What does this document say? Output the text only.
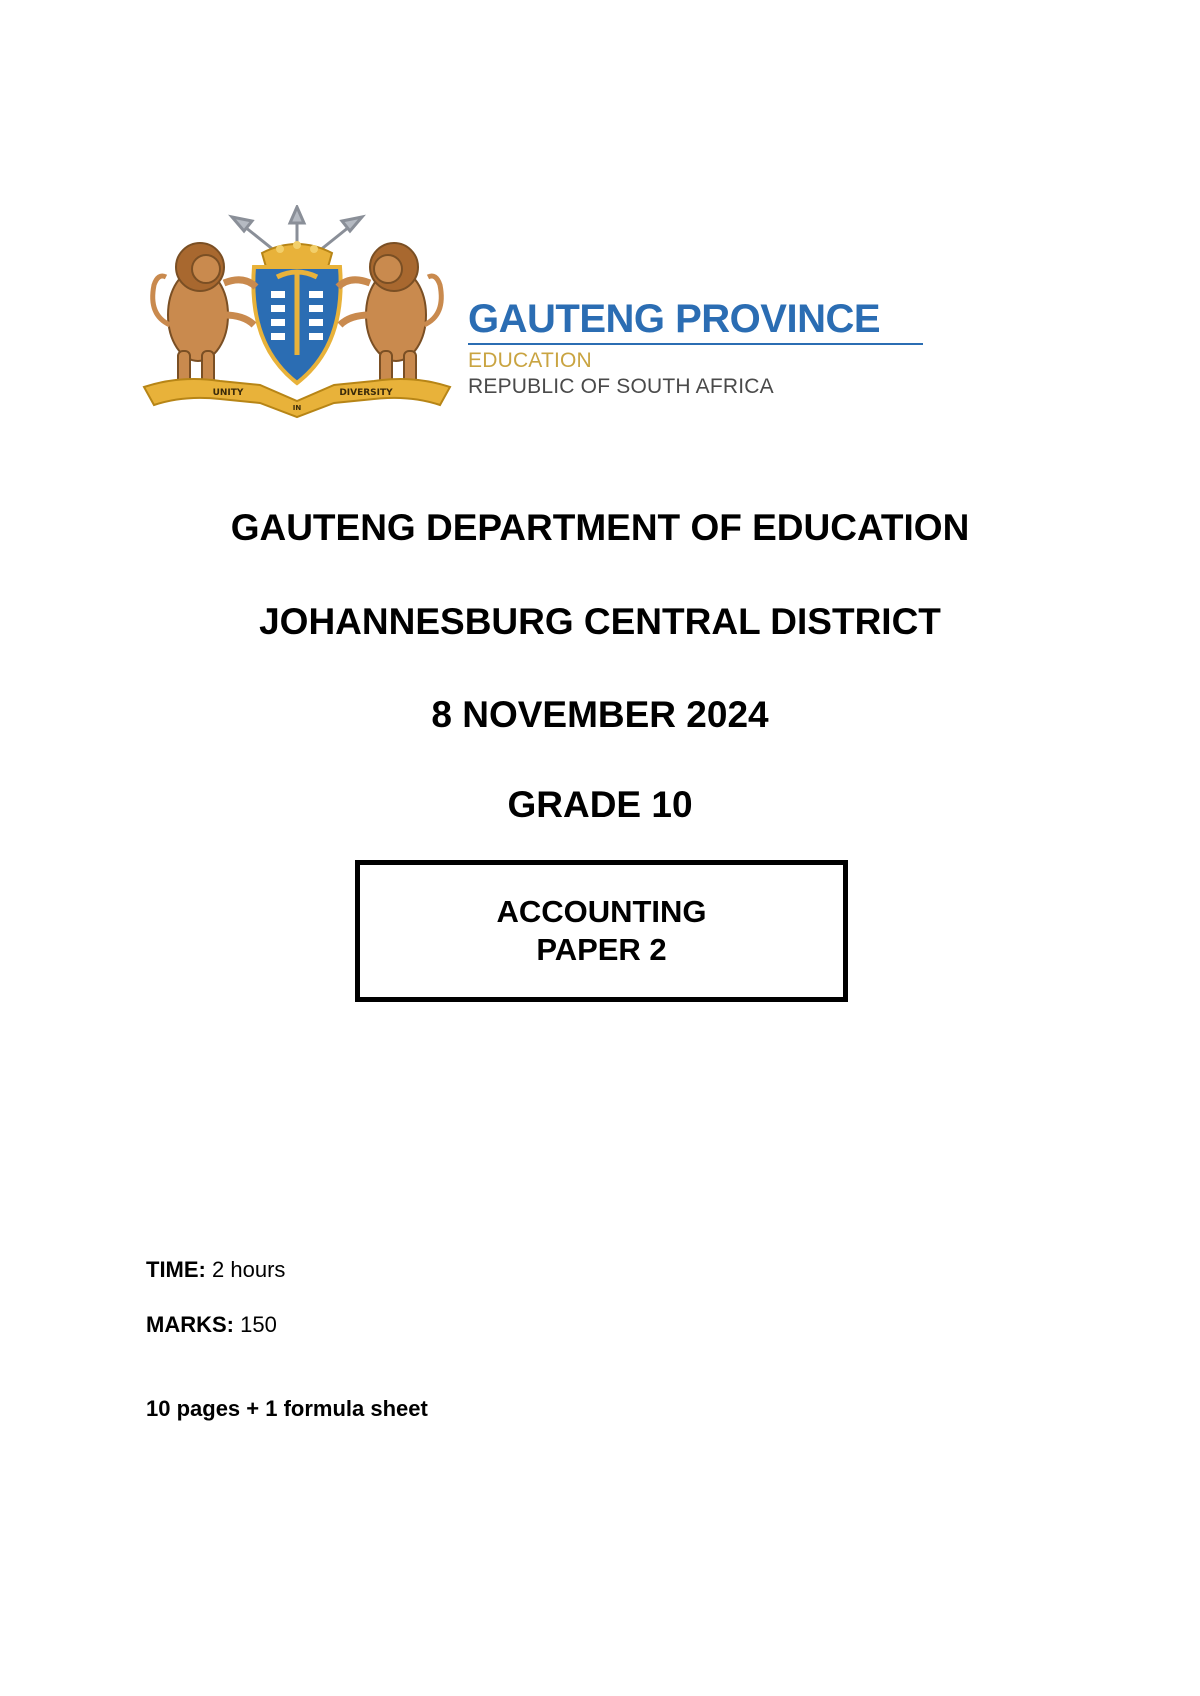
UNITY
IN
DIVERSITY
GAUTENG PROVINCE
EDUCATION
REPUBLIC OF SOUTH AFRICA
GAUTENG DEPARTMENT OF EDUCATION
JOHANNESBURG CENTRAL DISTRICT
8 NOVEMBER 2024
GRADE 10
ACCOUNTING
PAPER 2
TIME: 2 hours
MARKS: 150
10 pages + 1 formula sheet
